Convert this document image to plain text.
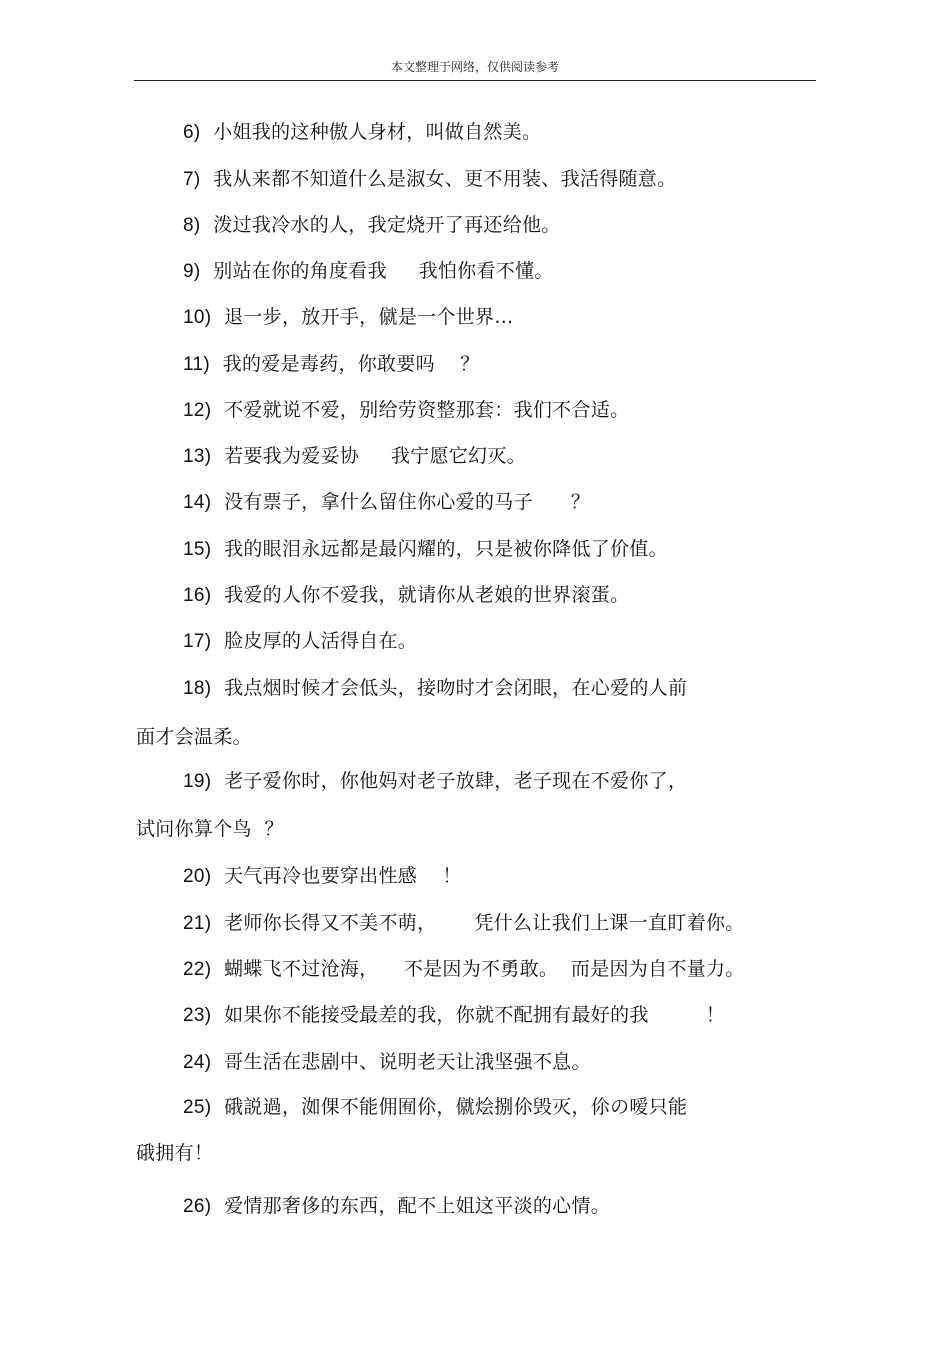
本文整理于网络，仅供阅读参考
6) 小姐我的这种傲人身材，叫做自然美。
7) 我从来都不知道什么是淑女、更不用装、我活得随意。
8) 泼过我冷水的人，我定烧开了再还给他。
9) 别站在你的角度看我     我怕你看不懂。
10) 退一步，放开手，僦是一个世界…
11) 我的爱是毒药，你敢要吗    ？
12) 不爱就说不爱，别给劳资整那套：我们不合适。
13) 若要我为爱妥协     我宁愿它幻灭。
14) 没有票子，拿什么留住你心爱的马子      ？
15) 我的眼泪永远都是最闪耀的，只是被你降低了价值。
16) 我爱的人你不爱我，就请你从老娘的世界滚蛋。
17) 脸皮厚的人活得自在。
18) 我点烟时候才会低头，接吻时才会闭眼，在心爱的人前
面才会温柔。
19) 老子爱你时，你他妈对老子放肆，老子现在不爱你了，
试问你算个鸟  ？
20) 天气再冷也要穿出性感    ！
21) 老师你长得又不美不萌，      凭什么让我们上课一直盯着你。
22) 蝴蝶飞不过沧海，    不是因为不勇敢。  而是因为自不量力。
23) 如果你不能接受最差的我，你就不配拥有最好的我         ！
24) 哥生活在悲剧中、说明老天让涐坚强不息。
25) 硪説過，洳倮不能佣囿伱，僦烩捌伱毁灭，伱の嗳只能
硪拥有！
26) 爱情那奢侈的东西，配不上姐这平淡的心情。
